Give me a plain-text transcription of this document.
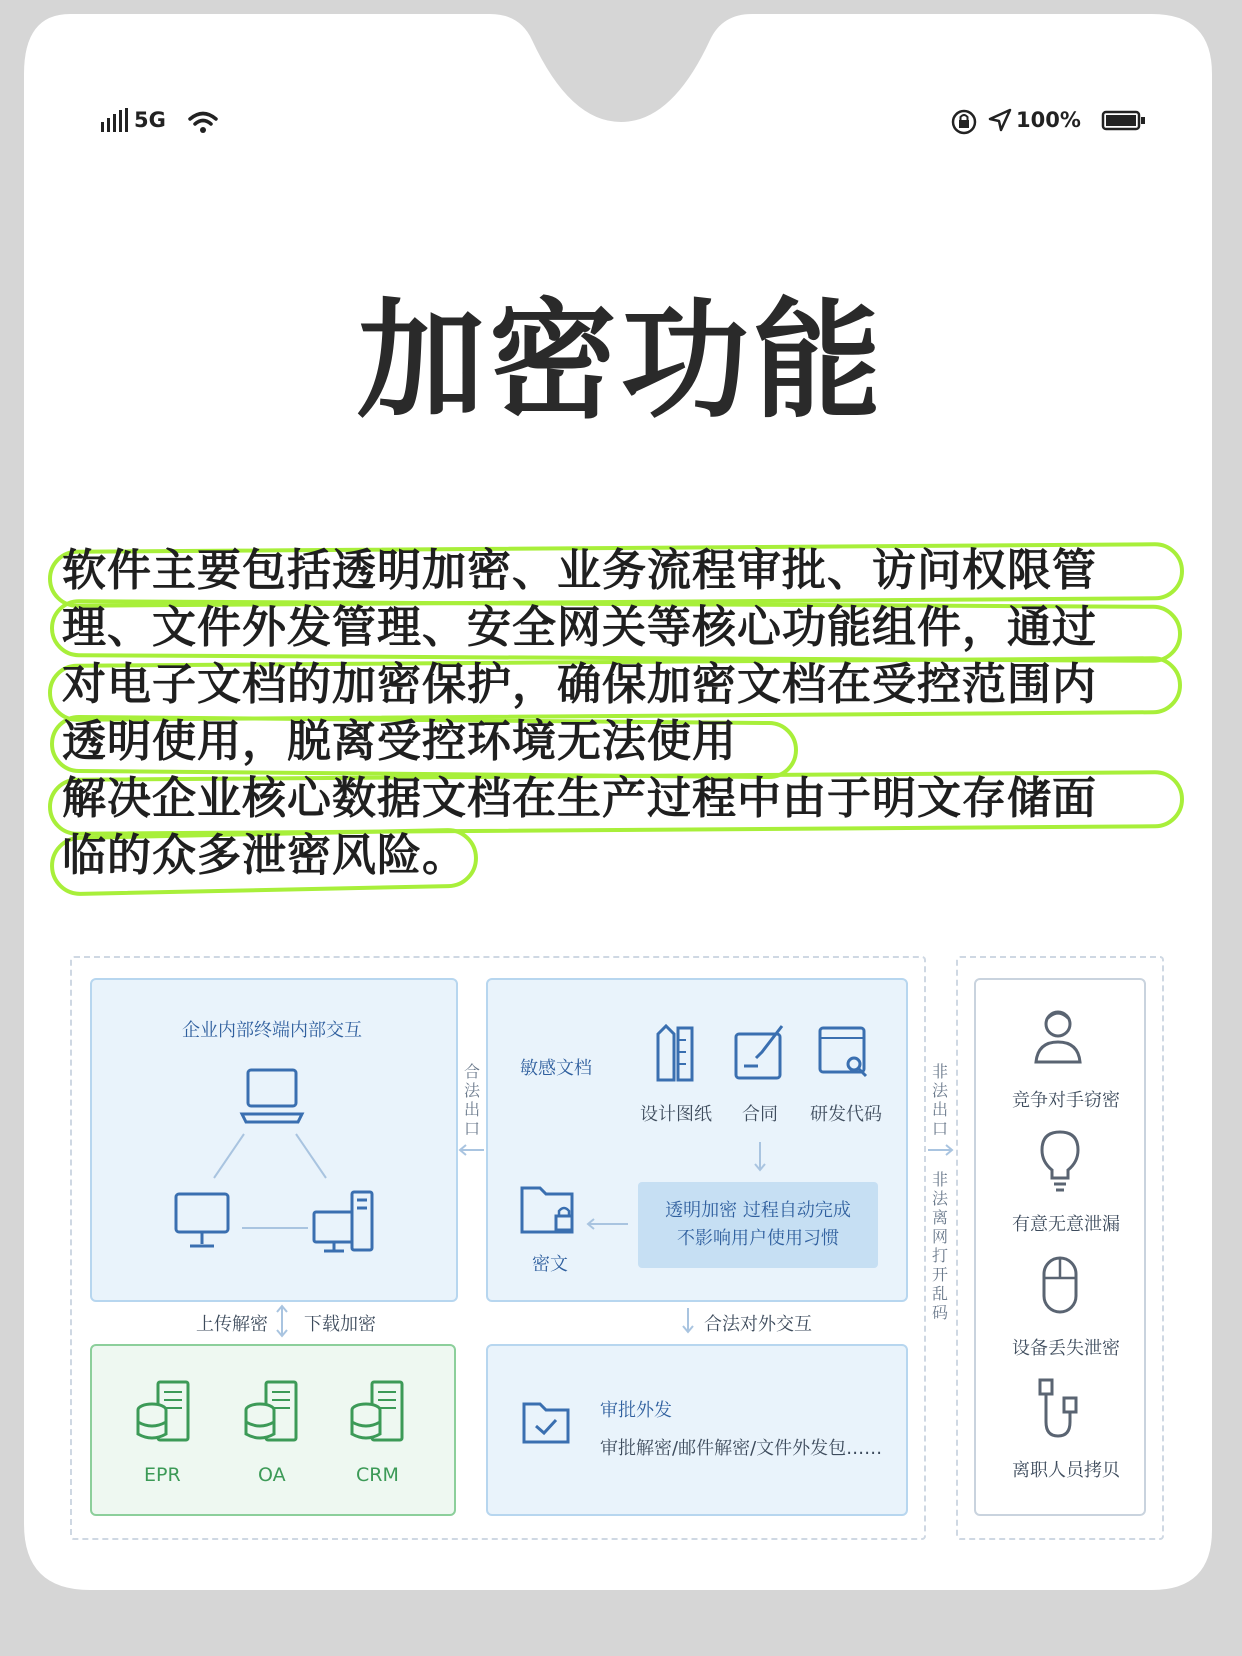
5G	100%
加密功能
软件主要包括透明加密、业务流程审批、访问权限管
理、文件外发管理、安全网关等核心功能组件，通过
对电子文档的加密保护，确保加密文档在受控范围内
透明使用，脱离受控环境无法使用
解决企业核心数据文档在生产过程中由于明文存储面
临的众多泄密风险。
企业内部终端内部交互
合法出口
敏感文档
设计图纸 合同 研发代码
透明加密 过程自动完成
不影响用户使用习惯
密文
上传解密 下载加密	合法对外交互
EPR	OA	CRM
审批外发
审批解密/邮件解密/文件外发包……
非法出口
非法离网打开乱码
竞争对手窃密
有意无意泄漏
设备丢失泄密
离职人员拷贝
